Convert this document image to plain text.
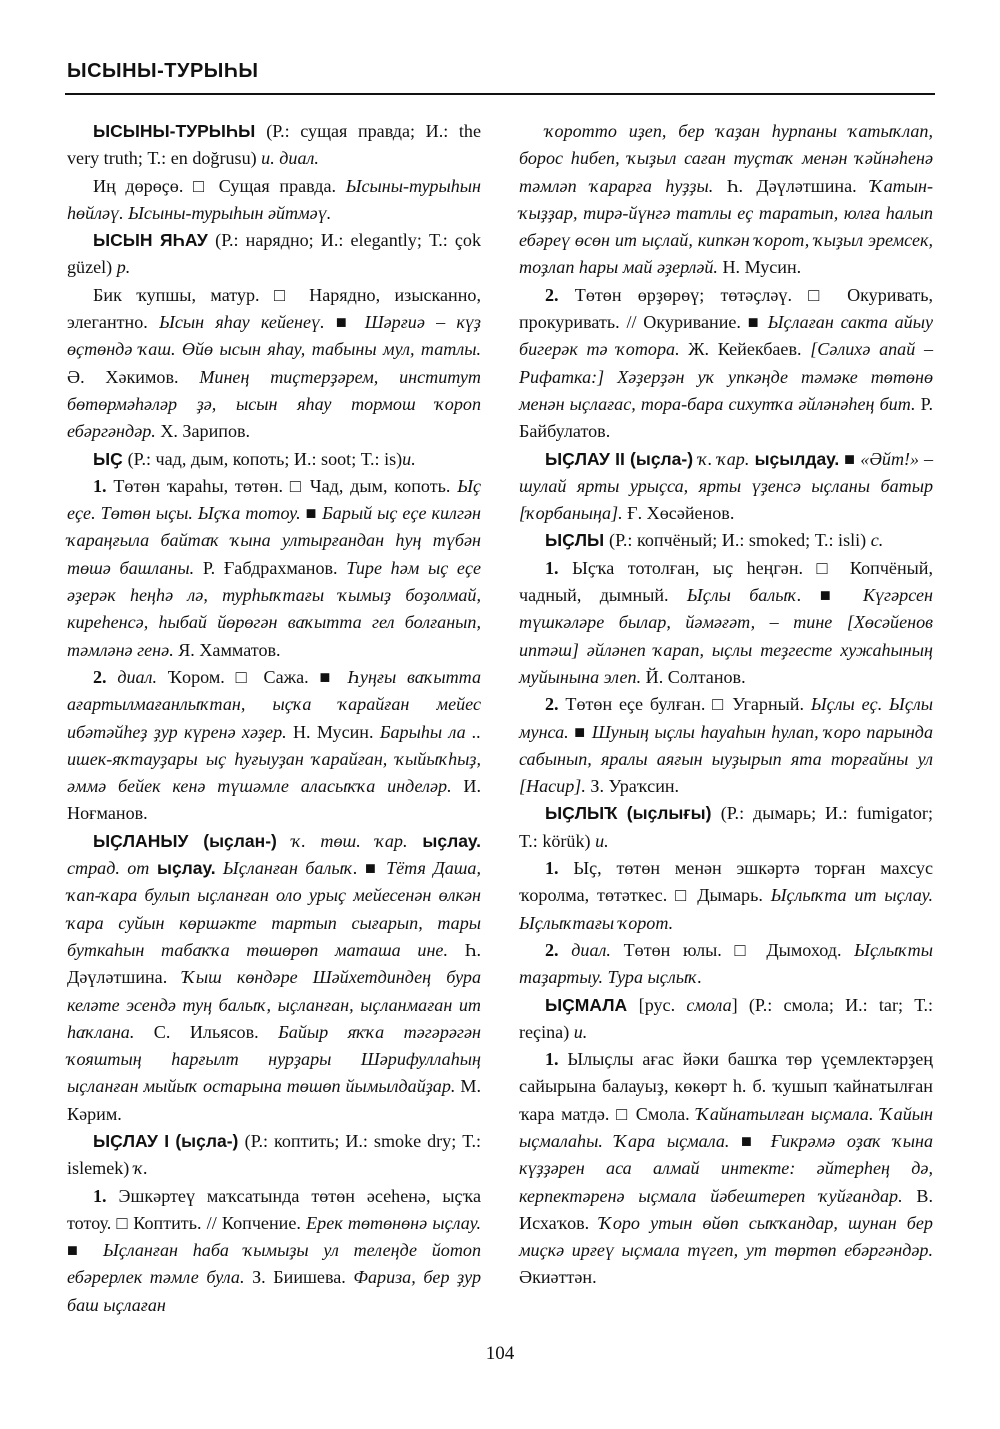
ЫСЫНЫ-ТУРЫҺЫ

ЫСЫНЫ-ТУРЫҺЫ (Р.: сущая правда; И.: the very truth; Т.: en doğrusu) и. диал.

Иң дөрөҫө. □ Сущая правда. Ысыны-турыһын һөйләү. Ысыны-турыһын әйтмәү.

ЫСЫН ЯҺАУ (Р.: нарядно; И.: elegantly; Т.: çok güzel) р.

Бик ҡупшы, матур. □ Нарядно, изысканно, элегантно. Ысын яһау кейенеү. ■ Шәрғиә – күҙ өҫтөндә ҡаш. Өйө ысын яһау, табыны мул, татлы. Ә. Хәкимов. Минең тиҫтерҙәрем, институт бөтөрмәһәләр ҙә, ысын яһау тормош ҡороп ебәргәндәр. Х. Зарипов.

ЫҪ (Р.: чад, дым, копоть; И.: soot; Т.: is)и.

1. Төтөн ҡараһы, төтөн. □ Чад, дым, копоть. Ыҫ еҫе. Төтөн ыҫы. Ыҫҡа тотоу. ■ Барый ыҫ еҫе килгән ҡараңғыла байтаҡ ҡына ултырғандан һуң түбән төшә башланы. Р. Ғабдрахманов. Тире һәм ыҫ еҫе әҙерәк һеңһә лә, турһыҡтағы ҡымыҙ боҙолмай, киреһенсә, һыбай йөрөгән ваҡытта гел болғанып, тәмләнә генә. Я. Хамматов.

2. диал. Ҡором. □ Сажа. ■ Һуңғы ваҡытта ағартылмағанлыҡтан, ыҫҡа ҡарайған мейес ибәтәйһеҙ ҙур күренә хәҙер. Н. Мусин. Барыһы ла .. ишек-яҡтауҙары ыҫ һуғыуҙан ҡарайған, ҡыйыҡһыҙ, әммә бейек кенә түшәмле аласыҡҡа инделәр. И. Ноғманов.

ЫҪЛАНЫУ (ыҫлан-) ҡ. төш. ҡар. ыҫлау. страд. от ыҫлау. Ыҫланған балыҡ. ■ Тётя Даша, ҡап-ҡара булып ыҫланған оло урыҫ мейесенән өлкән ҡара суйын көршәкте тартып сығарып, тары буткаһын табаҡҡа төшөрөп маташа ине. Һ. Дәүләтшина. Ҡыш көндәре Шәйхетдиндең бура келәте эсендә туң балыҡ, ыҫланған, ыҫланмаған ит һаҡлана. С. Ильясов. Байыр яҡҡа тәгәрәгән ҡояштың һарғылт нурҙары Шәрифуллаһың ыҫланған мыйыҡ остарына төшөп йымылдайҙар. М. Кәрим.

ЫҪЛАУ I (ыҫла-) (Р.: коптить; И.: smoke dry; Т.: islemek) ҡ.

1. Эшкәртеү маҡсатында төтөн әсеһенә, ыҫҡа тотоу. □ Коптить. // Копчение. Ерек төтөнөнә ыҫлау. ■ Ыҫланған һаба ҡымыҙы ул телеңде йотоп ебәрерлек тәмле була. З. Биишева. Фариза, бер ҙур баш ыҫлаған

ҡоротто иҙеп, бер ҡаҙан һурпаны ҡатыҡлап, борос һибеп, ҡыҙыл саған туҫтаҡ менән ҡәйнәһенә тәмләп ҡарарға һуҙҙы. Һ. Дәүләтшина. Ҡатын-ҡыҙҙар, тирә-йүнгә татлы еҫ таратып, юлға һалып ебәреү өсөн ит ыҫлай, кипкән ҡорот, ҡыҙыл эремсек, тоҙлап һары май әҙерләй. Н. Мусин.

2. Төтөн өрҙөрөү; төтәҫләү. □ Окуривать, прокуривать. // Окуривание. ■ Ыҫлаған сакта айыу бигерәк тә ҡотора. Ж. Кейекбаев. [Сәлихә апай – Рифатка:] Хәҙерҙән уҡ упкәңде тәмәке төтөнө менән ыҫлағас, тора-бара сихутҡа әйләнәһең бит. Р. Байбулатов.

ЫҪЛАУ II (ыҫла-) ҡ. ҡар. ыҫылдау. ■ «Әйт!» – шулай ярты урыҫса, ярты үҙенсә ыҫланы батыр [ҡорбаныңа]. Ғ. Хөсәйенов.

ЫҪЛЫ (Р.: копчёный; И.: smoked; Т.: isli) с.

1. Ыҫҡа тотолған, ыҫ һеңгән. □ Копчёный, чадный, дымный. Ыҫлы балыҡ. ■ Күгәрсен түшкәләре былар, йәмәғәт, – тине [Хөсәйенов иптәш] әйләнеп ҡарап, ыҫлы теҙгесте хужаһының муйынына элеп. Й. Солтанов.

2. Төтөн еҫе булған. □ Угарный. Ыҫлы еҫ. Ыҫлы мунса. ■ Шуның ыҫлы һауаһын һулап, ҡоро парында сабынып, яралы аяғын ыуҙырып ята торғайны ул [Насир]. З. Ураҡсин.

ЫҪЛЫҠ (ыҫлығы) (Р.: дымарь; И.: fumigator; Т.: körük) и.

1. Ыҫ, төтөн менән эшкәртә торған махсус ҡоролма, төтәткес. □ Дымарь. Ыҫлыҡта ит ыҫлау. Ыҫлыҡтағы ҡорот.

2. диал. Төтөн юлы. □ Дымоход. Ыҫлыҡты таҙартыу. Тура ыҫлыҡ.

ЫҪМАЛА [рус. смола] (Р.: смола; И.: tar; Т.: reçina) и.

1. Ылыҫлы ағас йәки башҡа төр үҫемлектәрҙең сайырына балауыҙ, көкөрт һ. б. ҡушып ҡайнатылған ҡара матдә. □ Смола. Ҡайнатылған ыҫмала. Ҡайын ыҫмалаһы. Ҡара ыҫмала. ■ Ғикрәмә оҙаҡ ҡына күҙҙәрен аса алмай интекте: әйтерһең дә, керпектәренә ыҫмала йәбештереп ҡуйғандар. В. Исхаҡов. Ҡоро утын өйөп сыҡҡандар, шунан бер миҫкә ирғеү ыҫмала түгеп, ут төртөп ебәргәндәр. Әкиәттән.

104
